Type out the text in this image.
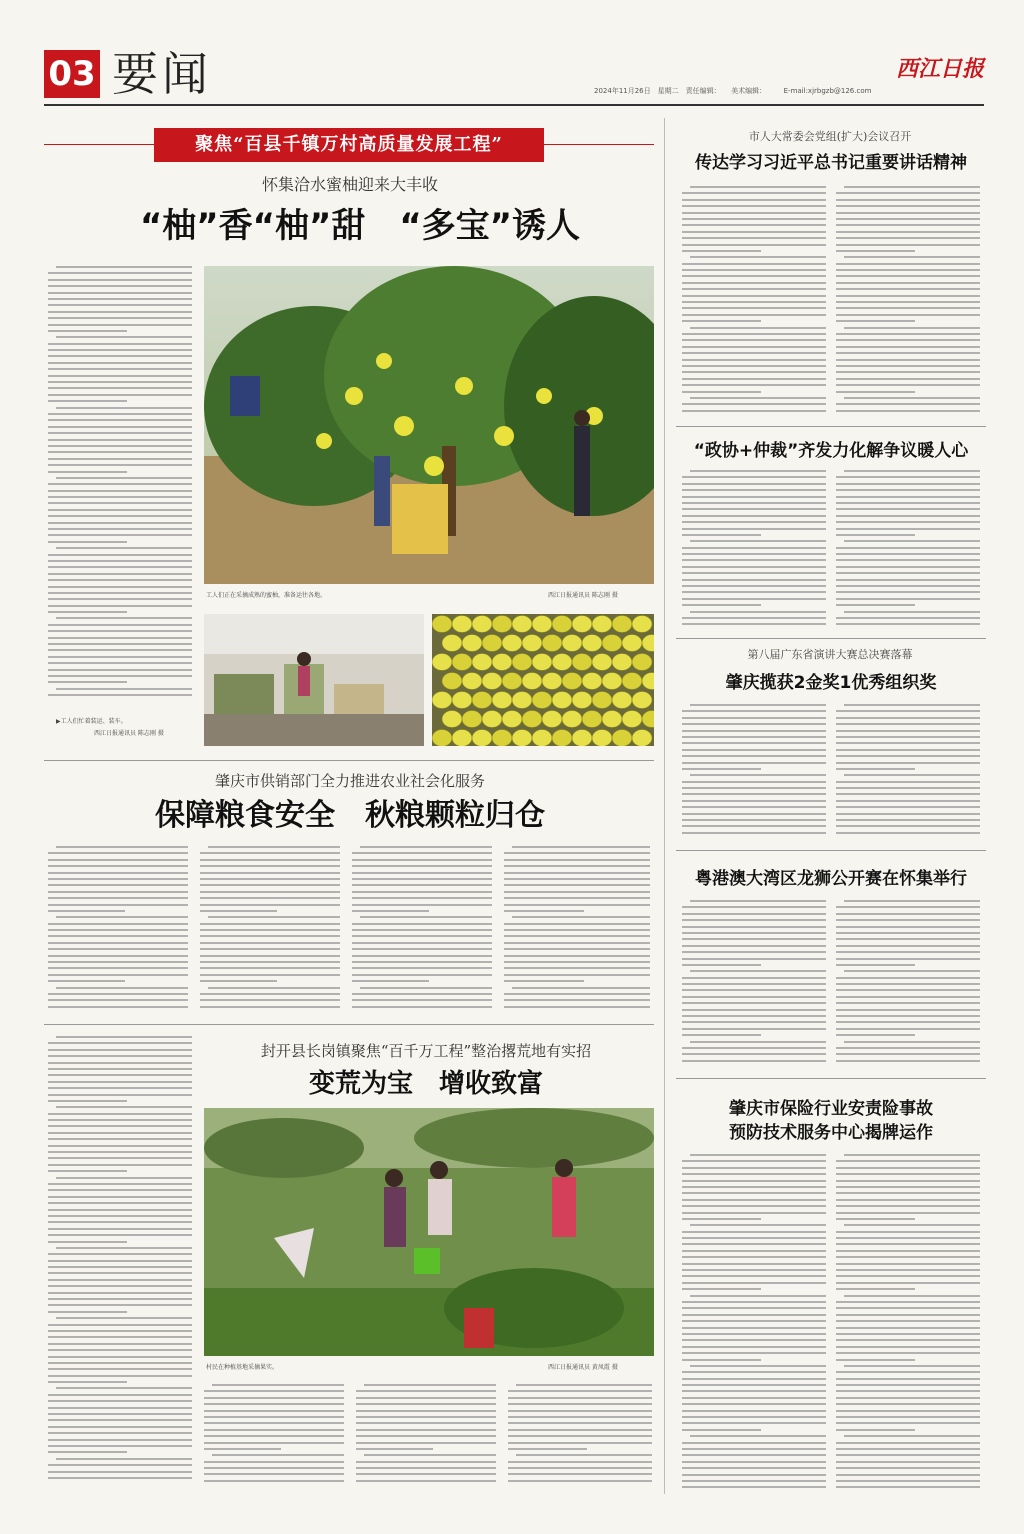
03 要闻	西江日报
2024年11月26日　星期二　责任编辑：　　美术编辑：　　　E-mail:xjrbgzb@126.com
聚焦“百县千镇万村高质量发展工程”
怀集洽水蜜柚迎来大丰收
“柚”香“柚”甜　“多宝”诱人
工人们正在采摘成熟的蜜柚，准备运往各地。	西江日报通讯员 陈志刚 摄
▶工人们忙着装运、装车。
西江日报通讯员 陈志刚 摄
肇庆市供销部门全力推进农业社会化服务
保障粮食安全　秋粮颗粒归仓
封开县长岗镇聚焦“百千万工程”整治撂荒地有实招
变荒为宝　增收致富
村民在种植基地采摘果实。	西江日报通讯员 黄凤霞 摄
市人大常委会党组(扩大)会议召开
传达学习习近平总书记重要讲话精神
“政协+仲裁”齐发力化解争议暖人心
第八届广东省演讲大赛总决赛落幕
肇庆揽获2金奖1优秀组织奖
粤港澳大湾区龙狮公开赛在怀集举行
肇庆市保险行业安责险事故
预防技术服务中心揭牌运作
